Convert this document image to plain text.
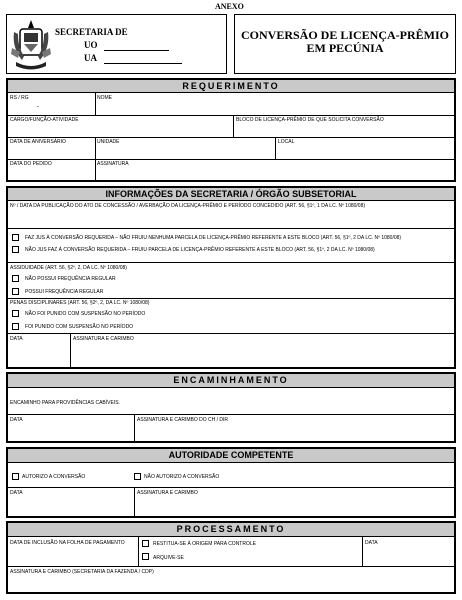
ANEXO
SECRETARIA DE
UO
UA
CONVERSÃO DE LICENÇA-PRÊMIO
EM PECÚNIA
REQUERIMENTO
RS / RG
-
NOME
CARGO/FUNÇÃO-ATIVIDADE	BLOCO DE LICENÇA-PRÊMIO DE QUE SOLICITA CONVERSÃO
DATA DE ANIVERSÁRIO	UNIDADE	LOCAL
DATA DO PEDIDO	ASSINATURA
INFORMAÇÕES DA SECRETARIA / ÓRGÃO SUBSETORIAL
Nº / DATA DA PUBLICAÇÃO DO ATO DE CONCESSÃO / AVERBAÇÃO DA LICENÇA-PRÊMIO E PERÍODO CONCEDIDO (ART. 56, §1º, 1 DA LC. Nº 1080/08)
FAZ JUS À CONVERSÃO REQUERIDA – NÃO FRUIU NENHUMA PARCELA DE LICENÇA-PRÊMIO REFERENTE A ESTE BLOCO (ART. 56, §1º, 2 DA LC. Nº 1080/08)
NÃO JUS FAZ À CONVERSÃO REQUERIDA – FRUIU PARCELA DE LICENÇA-PRÊMIO REFERENTE A ESTE BLOCO (ART. 56, §1º, 2 DA LC. Nº 1080/08)
ASSIDUIDADE (ART. 56, §2º, 2, DA LC. Nº 1080/08)
NÃO POSSUI FREQUÊNCIA REGULAR
POSSUI FREQUÊNCIA REGULAR
PENAS DISCIPLINARES (ART. 56, §2º, 2, DA LC. Nº 1080/08)
NÃO FOI PUNIDO COM SUSPENSÃO NO PERÍODO
FOI PUNIDO COM SUSPENSÃO NO PERÍODO
DATA	ASSINATURA E CARIMBO
ENCAMINHAMENTO
ENCAMINHO PARA PROVIDÊNCIAS CABÍVEIS.
DATA	ASSINATURA E CARIMBO DO CH / DIR
AUTORIDADE COMPETENTE
AUTORIZO A CONVERSÃO	NÃO AUTORIZO A CONVERSÃO
DATA	ASSINATURA E CARIMBO
PROCESSAMENTO
DATA DE INCLUSÃO NA FOLHA DE PAGAMENTO	RESTITUA-SE À ORIGEM PARA CONTROLE
ARQUIVE-SE
DATA
ASSINATURA E CARIMBO (SECRETARIA DA FAZENDA / CDP)
